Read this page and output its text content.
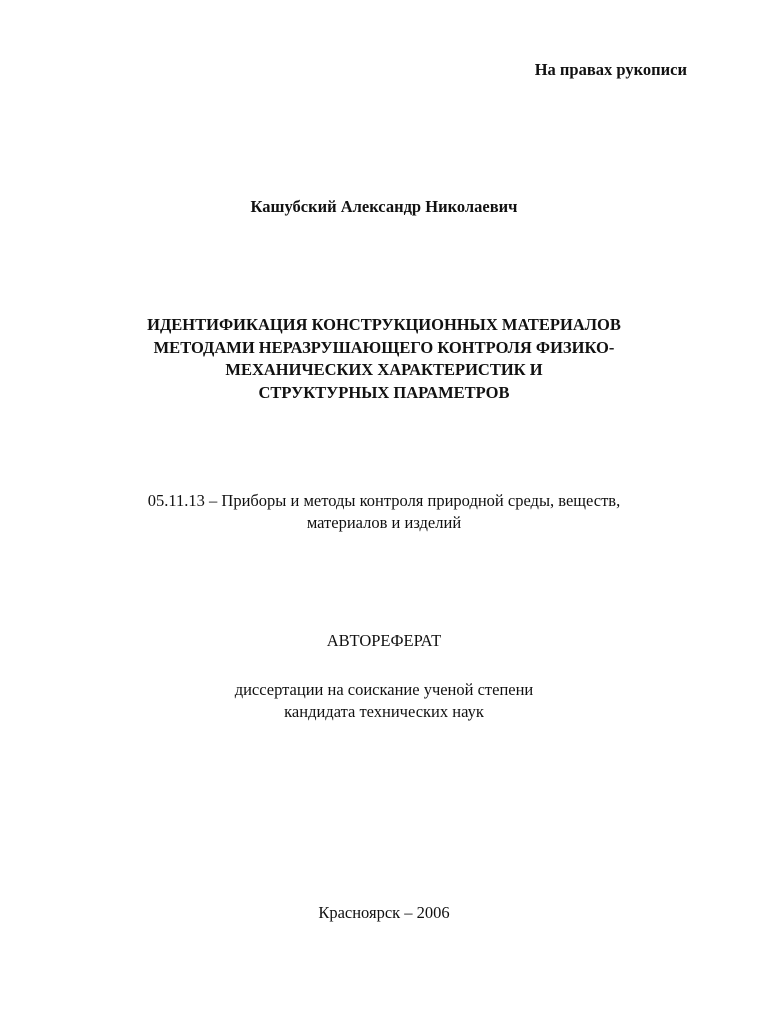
На правах рукописи
Кашубский Александр Николаевич
ИДЕНТИФИКАЦИЯ КОНСТРУКЦИОННЫХ МАТЕРИАЛОВ
МЕТОДАМИ НЕРАЗРУШАЮЩЕГО КОНТРОЛЯ ФИЗИКО-
МЕХАНИЧЕСКИХ ХАРАКТЕРИСТИК И
СТРУКТУРНЫХ ПАРАМЕТРОВ
05.11.13 – Приборы и методы контроля природной среды, веществ,
материалов и изделий
АВТОРЕФЕРАТ
диссертации на соискание ученой степени
кандидата технических наук
Красноярск – 2006
